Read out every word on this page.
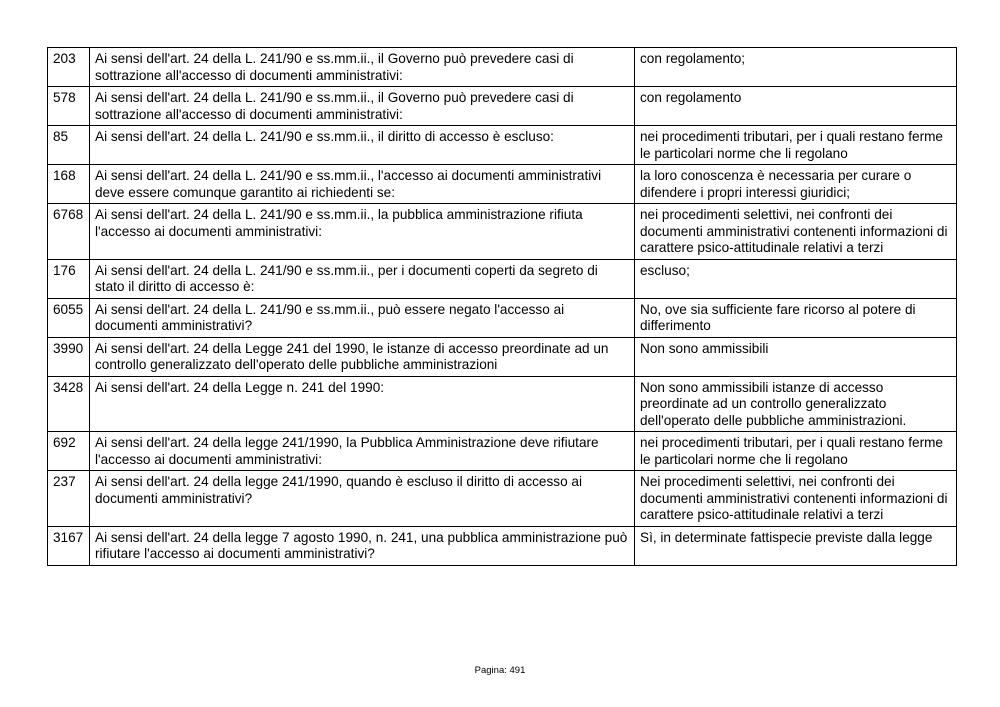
203	Ai sensi dell'art. 24 della L. 241/90 e ss.mm.ii., il Governo può prevedere casi di sottrazione all'accesso di documenti amministrativi:	con regolamento;
578	Ai sensi dell'art. 24 della L. 241/90 e ss.mm.ii., il Governo può prevedere casi di sottrazione all'accesso di documenti amministrativi:	con regolamento
85	Ai sensi dell'art. 24 della L. 241/90 e ss.mm.ii., il diritto di accesso è escluso:	nei procedimenti tributari, per i quali restano ferme le particolari norme che li regolano
168	Ai sensi dell'art. 24 della L. 241/90 e ss.mm.ii., l'accesso ai documenti amministrativi deve essere comunque garantito ai richiedenti se:	la loro conoscenza è necessaria per curare o difendere i propri interessi giuridici;
6768	Ai sensi dell'art. 24 della L. 241/90 e ss.mm.ii., la pubblica amministrazione rifiuta l'accesso ai documenti amministrativi:	nei procedimenti selettivi, nei confronti dei documenti amministrativi contenenti informazioni di carattere psico-attitudinale relativi a terzi
176	Ai sensi dell'art. 24 della L. 241/90 e ss.mm.ii., per i documenti coperti da segreto di stato il diritto di accesso è:	escluso;
6055	Ai sensi dell'art. 24 della L. 241/90 e ss.mm.ii., può essere negato l'accesso ai documenti amministrativi?	No, ove sia sufficiente fare ricorso al potere di differimento
3990	Ai sensi dell'art. 24 della Legge 241 del 1990, le istanze di accesso preordinate ad un controllo generalizzato dell'operato delle pubbliche amministrazioni	Non sono ammissibili
3428	Ai sensi dell'art. 24 della Legge n. 241 del 1990:	Non sono ammissibili istanze di accesso preordinate ad un controllo generalizzato dell'operato delle pubbliche amministrazioni.
692	Ai sensi dell'art. 24 della legge 241/1990, la Pubblica Amministrazione deve rifiutare l'accesso ai documenti amministrativi:	nei procedimenti tributari, per i quali restano ferme le particolari norme che li regolano
237	Ai sensi dell'art. 24 della legge 241/1990, quando è escluso il diritto di accesso ai documenti amministrativi?	Nei procedimenti selettivi, nei confronti dei documenti amministrativi contenenti informazioni di carattere psico-attitudinale relativi a terzi
3167	Ai sensi dell'art. 24 della legge 7 agosto 1990, n. 241, una pubblica amministrazione può rifiutare l'accesso ai documenti amministrativi?	Sì, in determinate fattispecie previste dalla legge
Pagina: 491
